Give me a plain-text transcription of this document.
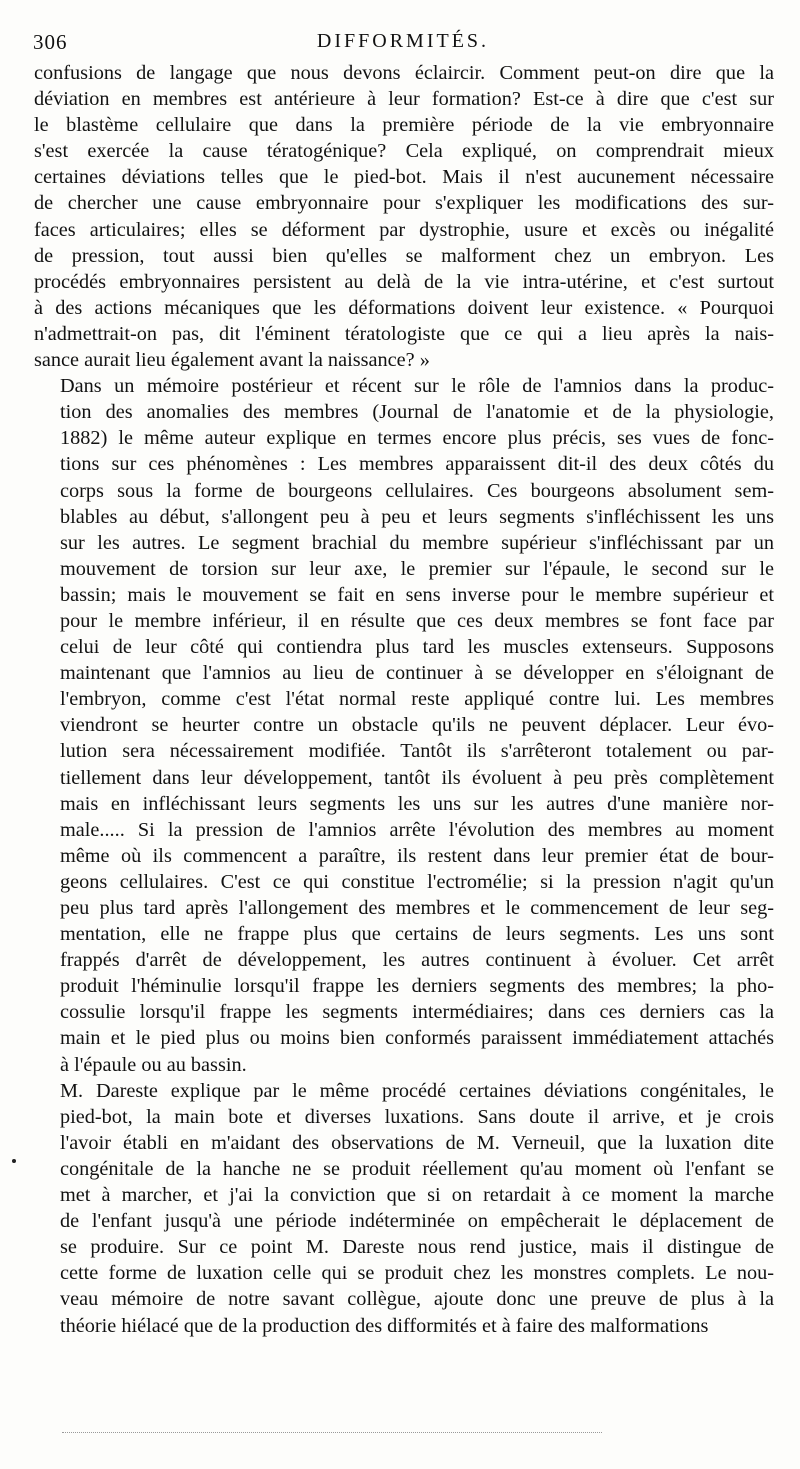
306	DIFFORMITÉS.

confusions de langage que nous devons éclaircir. Comment peut-on dire que la
déviation en membres est antérieure à leur formation? Est-ce à dire que c'est sur
le blastème cellulaire que dans la première période de la vie embryonnaire
s'est exercée la cause tératogénique? Cela expliqué, on comprendrait mieux
certaines déviations telles que le pied-bot. Mais il n'est aucunement nécessaire
de chercher une cause embryonnaire pour s'expliquer les modifications des sur-
faces articulaires; elles se déforment par dystrophie, usure et excès ou inégalité
de pression, tout aussi bien qu'elles se malforment chez un embryon. Les
procédés embryonnaires persistent au delà de la vie intra-utérine, et c'est surtout
à des actions mécaniques que les déformations doivent leur existence. « Pourquoi
n'admettrait-on pas, dit l'éminent tératologiste que ce qui a lieu après la nais-
sance aurait lieu également avant la naissance? »

Dans un mémoire postérieur et récent sur le rôle de l'amnios dans la produc-
tion des anomalies des membres (Journal de l'anatomie et de la physiologie,
1882) le même auteur explique en termes encore plus précis, ses vues de fonc-
tions sur ces phénomènes : Les membres apparaissent dit-il des deux côtés du
corps sous la forme de bourgeons cellulaires. Ces bourgeons absolument sem-
blables au début, s'allongent peu à peu et leurs segments s'infléchissent les uns
sur les autres. Le segment brachial du membre supérieur s'infléchissant par un
mouvement de torsion sur leur axe, le premier sur l'épaule, le second sur le
bassin; mais le mouvement se fait en sens inverse pour le membre supérieur et
pour le membre inférieur, il en résulte que ces deux membres se font face par
celui de leur côté qui contiendra plus tard les muscles extenseurs. Supposons
maintenant que l'amnios au lieu de continuer à se développer en s'éloignant de
l'embryon, comme c'est l'état normal reste appliqué contre lui. Les membres
viendront se heurter contre un obstacle qu'ils ne peuvent déplacer. Leur évo-
lution sera nécessairement modifiée. Tantôt ils s'arrêteront totalement ou par-
tiellement dans leur développement, tantôt ils évoluent à peu près complètement
mais en infléchissant leurs segments les uns sur les autres d'une manière nor-
male..... Si la pression de l'amnios arrête l'évolution des membres au moment
même où ils commencent a paraître, ils restent dans leur premier état de bour-
geons cellulaires. C'est ce qui constitue l'ectromélie; si la pression n'agit qu'un
peu plus tard après l'allongement des membres et le commencement de leur seg-
mentation, elle ne frappe plus que certains de leurs segments. Les uns sont
frappés d'arrêt de développement, les autres continuent à évoluer. Cet arrêt
produit l'héminulie lorsqu'il frappe les derniers segments des membres; la pho-
cossulie lorsqu'il frappe les segments intermédiaires; dans ces derniers cas la
main et le pied plus ou moins bien conformés paraissent immédiatement attachés
à l'épaule ou au bassin.

M. Dareste explique par le même procédé certaines déviations congénitales, le
pied-bot, la main bote et diverses luxations. Sans doute il arrive, et je crois
l'avoir établi en m'aidant des observations de M. Verneuil, que la luxation dite
congénitale de la hanche ne se produit réellement qu'au moment où l'enfant se
met à marcher, et j'ai la conviction que si on retardait à ce moment la marche
de l'enfant jusqu'à une période indéterminée on empêcherait le déplacement de
se produire. Sur ce point M. Dareste nous rend justice, mais il distingue de
cette forme de luxation celle qui se produit chez les monstres complets. Le nou-
veau mémoire de notre savant collègue, ajoute donc une preuve de plus à la
théorie hiélacé que de la production des difformités et à faire des malformations
